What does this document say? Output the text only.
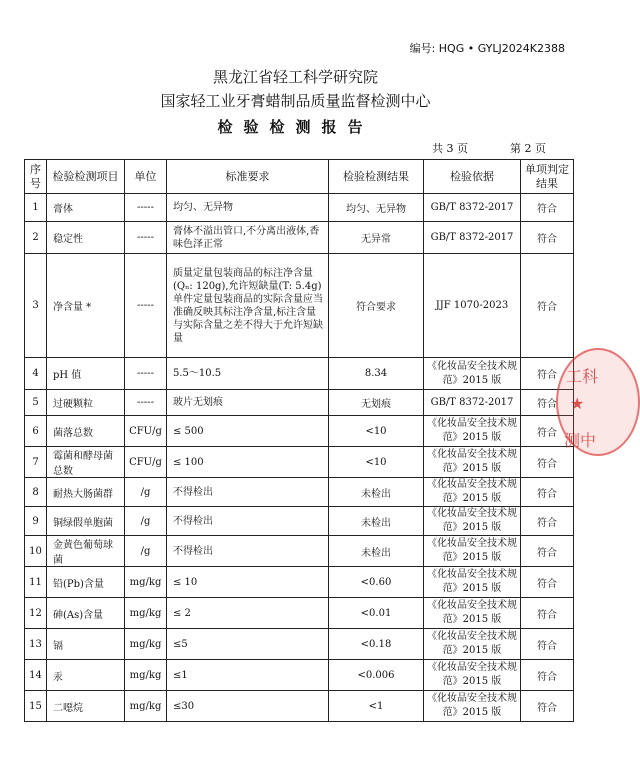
编号: HQG • GYLJ2024K2388
黑龙江省轻工科学研究院
国家轻工业牙膏蜡制品质量监督检测中心
检验检测报告
共 3 页	第 2 页
序号	检验检测项目	单位	标准要求	检验检测结果	检验依据	单项判定结果
1	膏体	-----	均匀、无异物	均匀、无异物	GB/T 8372-2017	符合
2	稳定性	-----	膏体不溢出管口,不分离出液体,香味色泽正常	无异常	GB/T 8372-2017	符合
3	净含量 *	-----	质量定量包装商品的标注净含量(Qₙ: 120g),允许短缺量(T: 5.4g)单件定量包装商品的实际含量应当准确反映其标注净含量,标注含量与实际含量之差不得大于允许短缺量	符合要求	JJF 1070-2023	符合
4	pH 值	-----	5.5～10.5	8.34	《化妆品安全技术规范》2015 版	符合
5	过硬颗粒	-----	玻片无划痕	无划痕	GB/T 8372-2017	符合
6	菌落总数	CFU/g	≤ 500	<10	《化妆品安全技术规范》2015 版	符合
7	霉菌和酵母菌总数	CFU/g	≤ 100	<10	《化妆品安全技术规范》2015 版	符合
8	耐热大肠菌群	/g	不得检出	未检出	《化妆品安全技术规范》2015 版	符合
9	铜绿假单胞菌	/g	不得检出	未检出	《化妆品安全技术规范》2015 版	符合
10	金黄色葡萄球菌	/g	不得检出	未检出	《化妆品安全技术规范》2015 版	符合
11	铅(Pb)含量	mg/kg	≤ 10	<0.60	《化妆品安全技术规范》2015 版	符合
12	砷(As)含量	mg/kg	≤ 2	<0.01	《化妆品安全技术规范》2015 版	符合
13	镉	mg/kg	≤5	<0.18	《化妆品安全技术规范》2015 版	符合
14	汞	mg/kg	≤1	<0.006	《化妆品安全技术规范》2015 版	符合
15	二噁烷	mg/kg	≤30	<1	《化妆品安全技术规范》2015 版	符合
工科
★
测中
